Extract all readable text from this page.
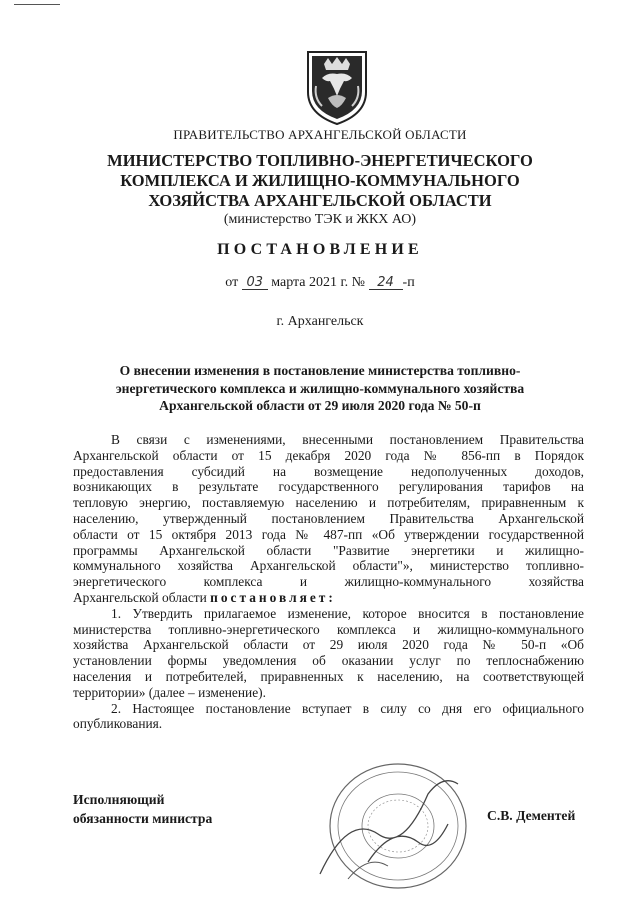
ПРАВИТЕЛЬСТВО АРХАНГЕЛЬСКОЙ ОБЛАСТИ
МИНИСТЕРСТВО ТОПЛИВНО-ЭНЕРГЕТИЧЕСКОГО
КОМПЛЕКСА И ЖИЛИЩНО-КОММУНАЛЬНОГО
ХОЗЯЙСТВА АРХАНГЕЛЬСКОЙ ОБЛАСТИ
(министерство ТЭК и ЖКХ АО)
ПОСТАНОВЛЕНИЕ
от 03 марта 2021 г. № 24 -п
г. Архангельск
О внесении изменения в постановление министерства топливно-
энергетического комплекса и жилищно-коммунального хозяйства
Архангельской области от 29 июля 2020 года № 50-п

В связи с изменениями, внесенными постановлением Правительства
Архангельской области от 15 декабря 2020 года № 856-пп в Порядок
предоставления субсидий на возмещение недополученных доходов,
возникающих в результате государственного регулирования тарифов на
тепловую энергию, поставляемую населению и потребителям, приравненным к
населению, утвержденный постановлением Правительства Архангельской
области от 15 октября 2013 года № 487-пп «Об утверждении государственной
программы Архангельской области "Развитие энергетики и жилищно-
коммунального хозяйства Архангельской области"», министерство топливно-
энергетического комплекса и жилищно-коммунального хозяйства
Архангельской области постановляет:

1. Утвердить прилагаемое изменение, которое вносится в постановление
министерства топливно-энергетического комплекса и жилищно-коммунального
хозяйства Архангельской области от 29 июля 2020 года № 50-п «Об
установлении формы уведомления об оказании услуг по теплоснабжению
населения и потребителей, приравненных к населению, на соответствующей
территории» (далее – изменение).

2. Настоящее постановление вступает в силу со дня его официального
опубликования.

Исполняющий
обязанности министра	С.В. Дементей
